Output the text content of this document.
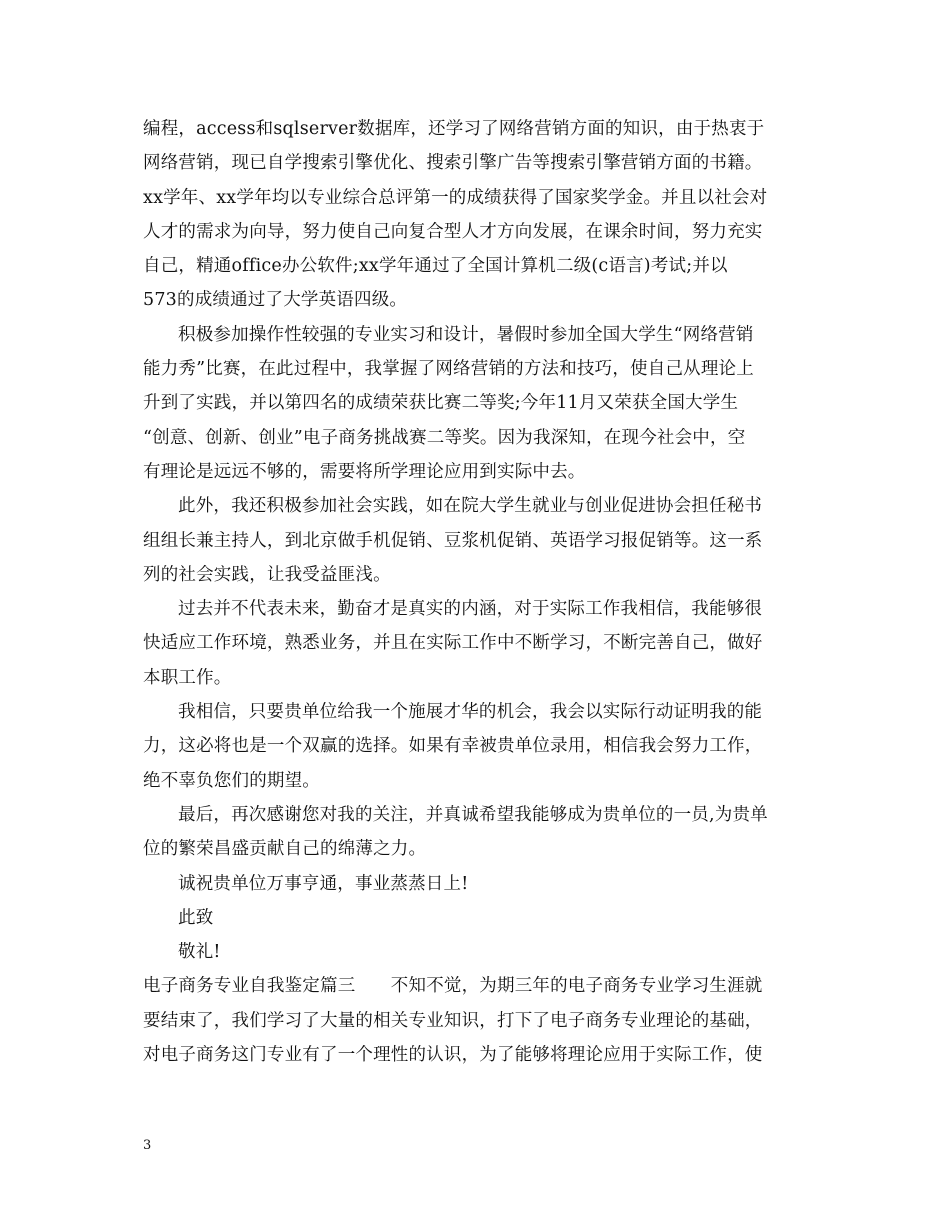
编程，access和sqlserver数据库，还学习了网络营销方面的知识，由于热衷于
网络营销，现已自学搜索引擎优化、搜索引擎广告等搜索引擎营销方面的书籍。
xx学年、xx学年均以专业综合总评第一的成绩获得了国家奖学金。并且以社会对
人才的需求为向导，努力使自己向复合型人才方向发展，在课余时间，努力充实
自己，精通office办公软件;xx学年通过了全国计算机二级(c语言)考试;并以
573的成绩通过了大学英语四级。
积极参加操作性较强的专业实习和设计，暑假时参加全国大学生“网络营销
能力秀”比赛，在此过程中，我掌握了网络营销的方法和技巧，使自己从理论上
升到了实践，并以第四名的成绩荣获比赛二等奖;今年11月又荣获全国大学生
“创意、创新、创业”电子商务挑战赛二等奖。因为我深知，在现今社会中，空
有理论是远远不够的，需要将所学理论应用到实际中去。
此外，我还积极参加社会实践，如在院大学生就业与创业促进协会担任秘书
组组长兼主持人，到北京做手机促销、豆浆机促销、英语学习报促销等。这一系
列的社会实践，让我受益匪浅。
过去并不代表未来，勤奋才是真实的内涵，对于实际工作我相信，我能够很
快适应工作环境，熟悉业务，并且在实际工作中不断学习，不断完善自己，做好
本职工作。
我相信，只要贵单位给我一个施展才华的机会，我会以实际行动证明我的能
力，这必将也是一个双赢的选择。如果有幸被贵单位录用，相信我会努力工作，
绝不辜负您们的期望。
最后，再次感谢您对我的关注，并真诚希望我能够成为贵单位的一员,为贵单
位的繁荣昌盛贡献自己的绵薄之力。
诚祝贵单位万事亨通，事业蒸蒸日上!
此致
敬礼!
电子商务专业自我鉴定篇三　　不知不觉，为期三年的电子商务专业学习生涯就
要结束了，我们学习了大量的相关专业知识，打下了电子商务专业理论的基础，
对电子商务这门专业有了一个理性的认识，为了能够将理论应用于实际工作，使
3
